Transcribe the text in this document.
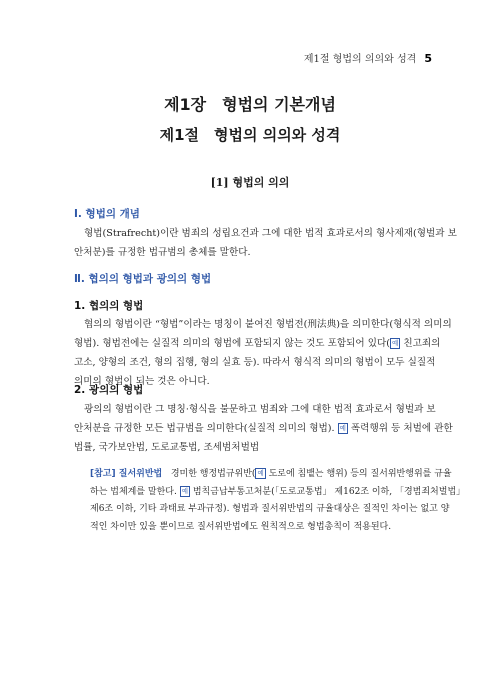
제1절 형법의 의의와 성격 5
제1장　형법의 기본개념
제1절　형법의 의의와 성격
[1] 형법의 의의
Ⅰ. 형법의 개념
형법(Strafrecht)이란 범죄의 성립요건과 그에 대한 법적 효과로서의 형사제재(형벌과 보
안처분)를 규정한 법규범의 총체를 말한다.
Ⅱ. 협의의 형법과 광의의 형법
1. 협의의 형법
협의의 형법이란 “형법”이라는 명칭이 붙여진 형법전(刑法典)을 의미한다(형식적 의미의
형법). 형법전에는 실질적 의미의 형법에 포함되지 않는 것도 포함되어 있다( 예 친고죄의
고소, 양형의 조건, 형의 집행, 형의 실효 등). 따라서 형식적 의미의 형법이 모두 실질적
의미의 형법이 되는 것은 아니다.
2. 광의의 형법
광의의 형법이란 그 명칭·형식을 불문하고 범죄와 그에 대한 법적 효과로서 형벌과 보
안처분을 규정한 모든 법규범을 의미한다(실질적 의미의 형법). 예 폭력행위 등 처벌에 관한
법률, 국가보안법, 도로교통법, 조세범처벌법
[참고] 질서위반법 경미한 행정법규위반( 예 도로에 침뱉는 행위) 등의 질서위반행위를 규율
하는 법체계를 말한다. 예 범칙금납부통고처분(「도로교통법」 제162조 이하, 「경범죄처벌법」
제6조 이하, 기타 과태료 부과규정). 형법과 질서위반법의 규율대상은 질적인 차이는 없고 양
적인 차이만 있을 뿐이므로 질서위반법에도 원칙적으로 형법총칙이 적용된다.
